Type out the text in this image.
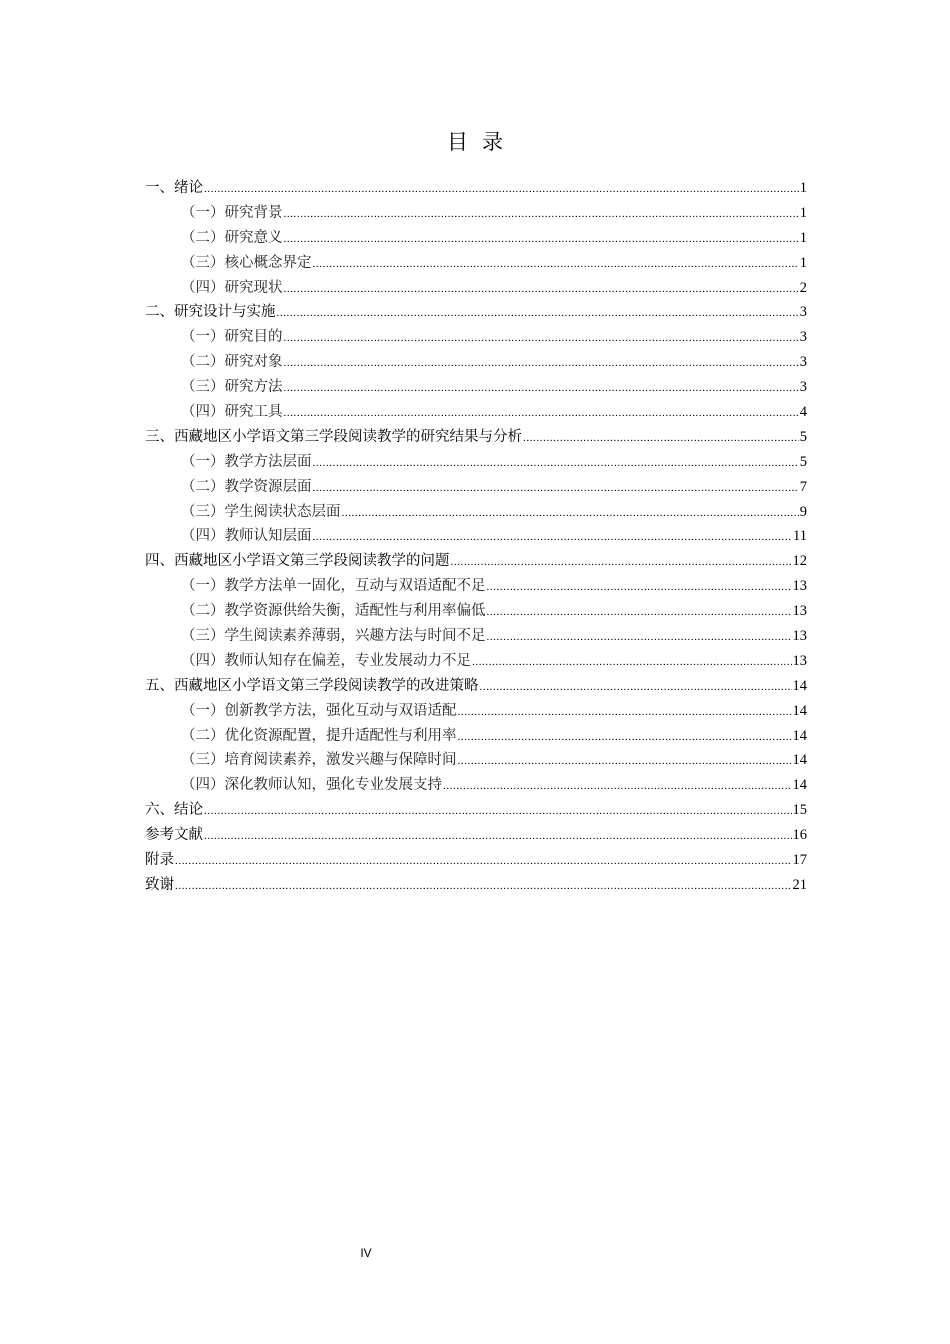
目录
一、绪论 .....	1
（一）研究背景 .....	1
（二）研究意义 .....	1
（三）核心概念界定 .....	1
（四）研究现状 .....	2
二、研究设计与实施 .....	3
（一）研究目的 .....	3
（二）研究对象 .....	3
（三）研究方法 .....	3
（四）研究工具 .....	4
三、西藏地区小学语文第三学段阅读教学的研究结果与分析 .....	5
（一）教学方法层面 .....	5
（二）教学资源层面 .....	7
（三）学生阅读状态层面 .....	9
（四）教师认知层面 .....	11
四、西藏地区小学语文第三学段阅读教学的问题 .....	12
（一）教学方法单一固化，互动与双语适配不足 .....	13
（二）教学资源供给失衡，适配性与利用率偏低 .....	13
（三）学生阅读素养薄弱，兴趣方法与时间不足 .....	13
（四）教师认知存在偏差，专业发展动力不足 .....	13
五、西藏地区小学语文第三学段阅读教学的改进策略 .....	14
（一）创新教学方法，强化互动与双语适配 .....	14
（二）优化资源配置，提升适配性与利用率 .....	14
（三）培育阅读素养，激发兴趣与保障时间 .....	14
（四）深化教师认知，强化专业发展支持 .....	14
六、结论 .....	15
参考文献 .....	16
附录 .....	17
致谢 .....	21
IV
